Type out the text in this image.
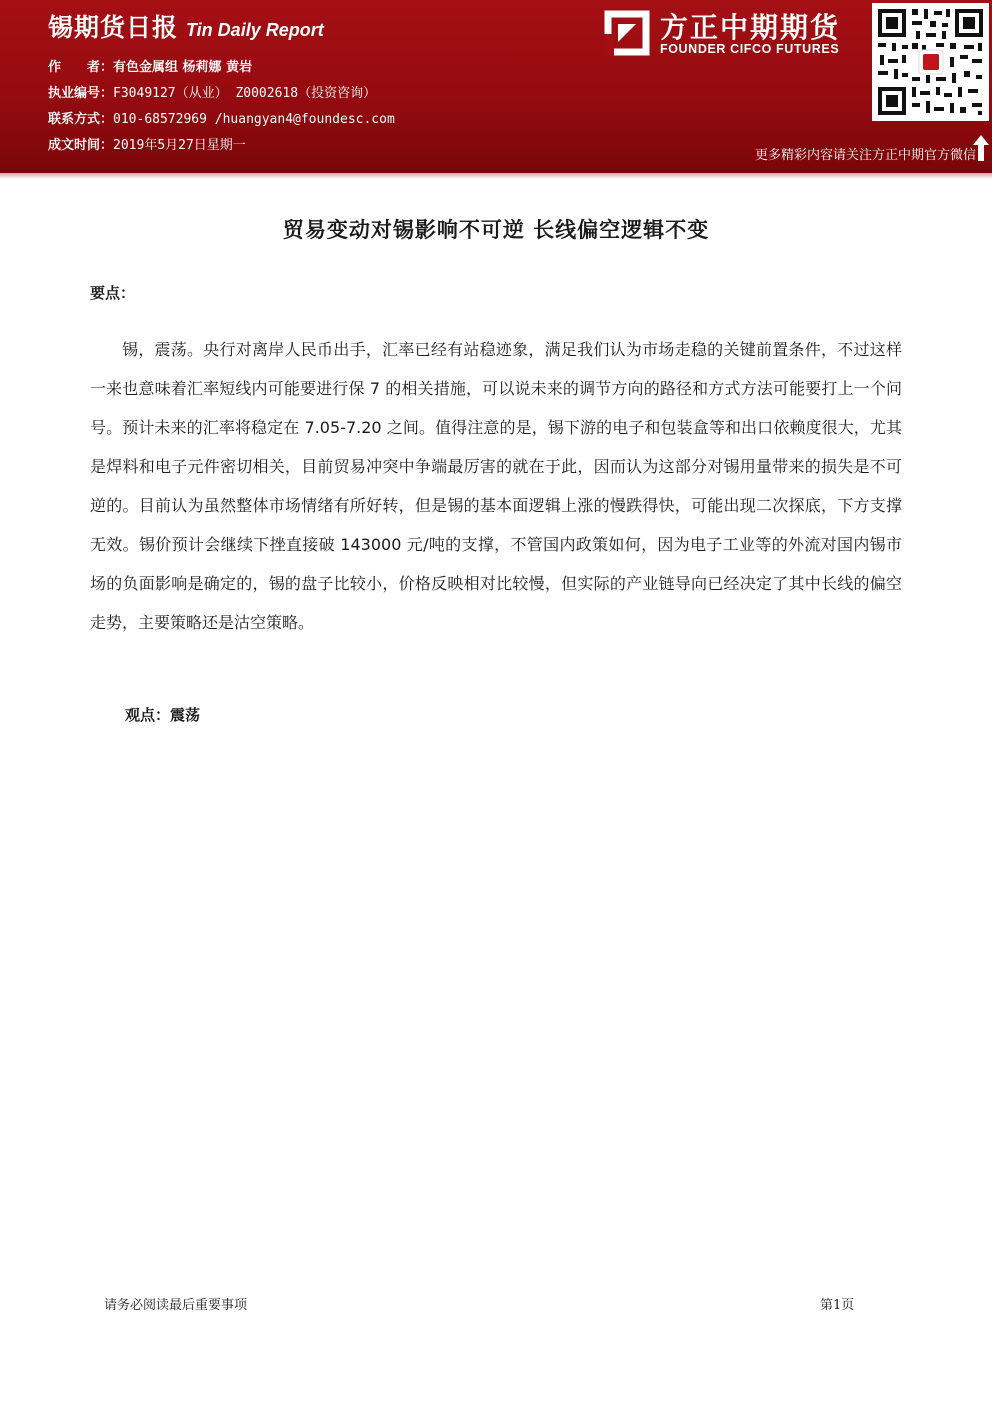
锡期货日报 Tin Daily Report
作　　者：有色金属组 杨莉娜 黄岩
执业编号：F3049127（从业） Z0002618（投资咨询）
联系方式：010-68572969 /huangyan4@foundesc.com
成文时间：2019年5月27日星期一
方正中期期货
FOUNDER CIFCO FUTURES
更多精彩内容请关注方正中期官方微信
贸易变动对锡影响不可逆 长线偏空逻辑不变
要点：

锡，震荡。央行对离岸人民币出手，汇率已经有站稳迹象，满足我们认为市场走稳的关键前置条件，不过这样一来也意味着汇率短线内可能要进行保 7 的相关措施，可以说未来的调节方向的路径和方式方法可能要打上一个问号。预计未来的汇率将稳定在 7.05-7.20 之间。值得注意的是，锡下游的电子和包装盒等和出口依赖度很大，尤其是焊料和电子元件密切相关，目前贸易冲突中争端最厉害的就在于此，因而认为这部分对锡用量带来的损失是不可逆的。目前认为虽然整体市场情绪有所好转，但是锡的基本面逻辑上涨的慢跌得快，可能出现二次探底，下方支撑无效。锡价预计会继续下挫直接破 143000 元/吨的支撑，不管国内政策如何，因为电子工业等的外流对国内锡市场的负面影响是确定的，锡的盘子比较小，价格反映相对比较慢，但实际的产业链导向已经决定了其中长线的偏空走势，主要策略还是沽空策略。

观点：震荡
请务必阅读最后重要事项	第1页
